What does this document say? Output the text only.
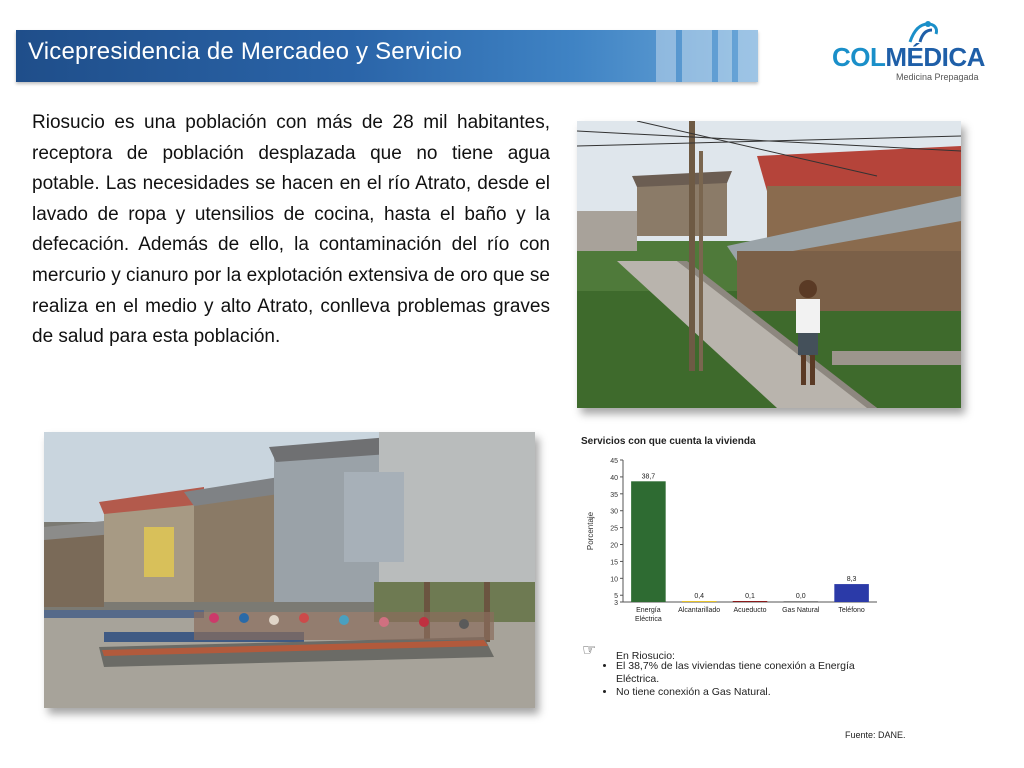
Vicepresidencia de Mercadeo y Servicio	COLMÉDICA
Medicina Prepagada
Riosucio es una población con más de 28 mil habitantes, receptora de población desplazada que no tiene agua potable. Las necesidades se hacen en el río Atrato, desde el lavado de ropa y utensilios de cocina, hasta el baño y la defecación. Además de ello, la contaminación del río con mercurio y cianuro por la explotación extensiva de oro que se realiza en el medio y alto Atrato, conlleva problemas graves de salud para esta población.
Servicios con que cuenta la vivienda
Porcentaje
3
5
10
15
20
25
30
35
40
45
38,7
Energía
Eléctrica
0,4
Alcantarillado
0,1
Acueducto
0,0
Gas Natural
8,3
Teléfono
☞ En Riosucio:
• El 38,7% de las viviendas tiene conexión a Energía Eléctrica.
• No tiene conexión a Gas Natural.
Fuente: DANE.
